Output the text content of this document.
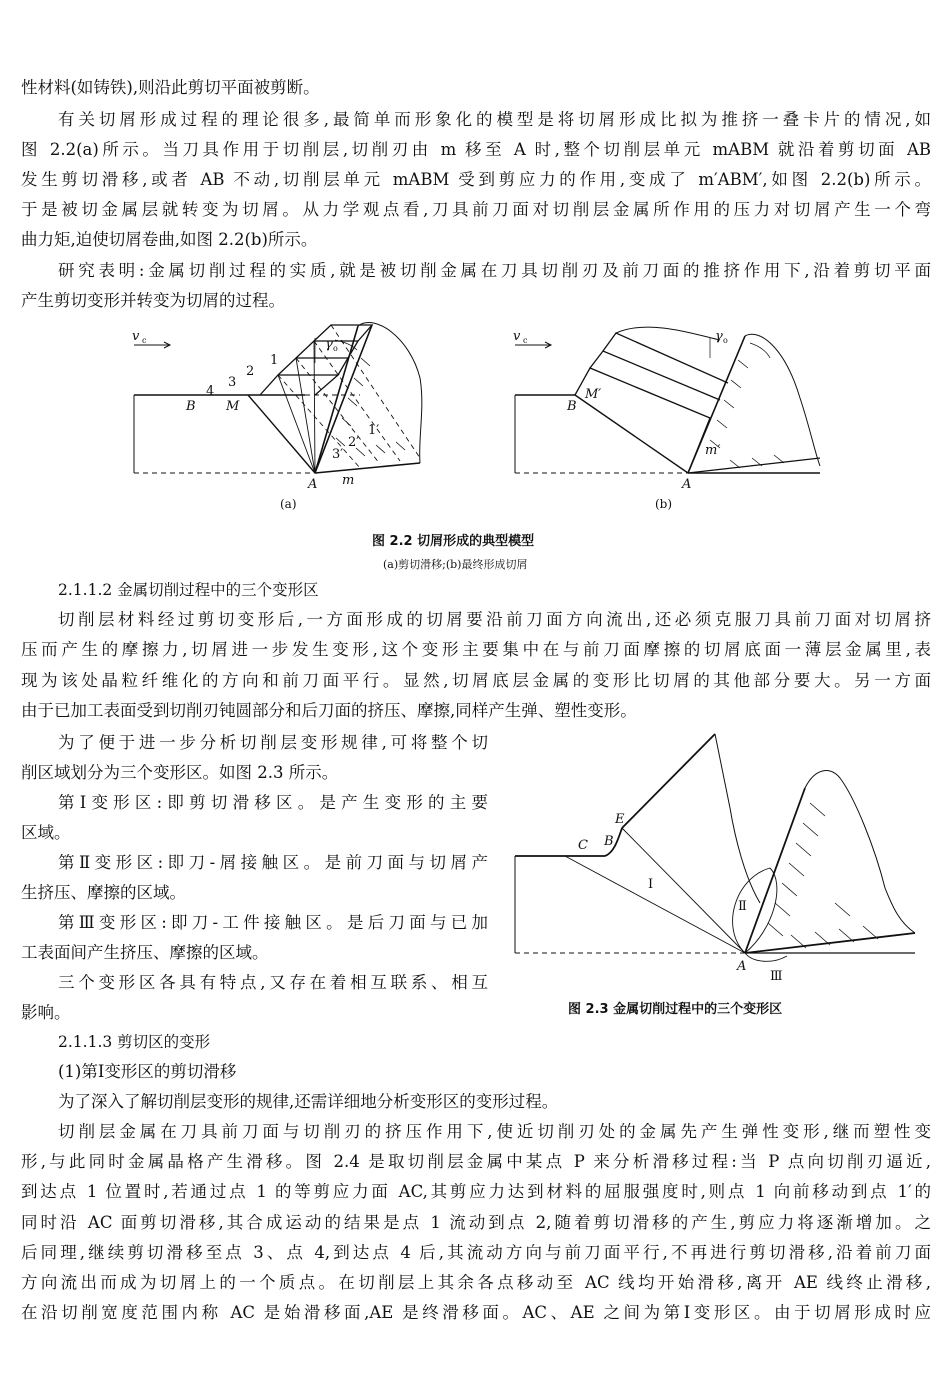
性材料(如铸铁),则沿此剪切平面被剪断。
有关切屑形成过程的理论很多,最简单而形象化的模型是将切屑形成比拟为推挤一叠卡片的情况,如
图 2.2(a)所示。当刀具作用于切削层,切削刃由 m 移至 A 时,整个切削层单元 mABM 就沿着剪切面 AB
发生剪切滑移,或者 AB 不动,切削层单元 mABM 受到剪应力的作用,变成了 m′ABM′,如图 2.2(b)所示。
于是被切金属层就转变为切屑。从力学观点看,刀具前刀面对切削层金属所作用的压力对切屑产生一个弯
曲力矩,迫使切屑卷曲,如图 2.2(b)所示。
研究表明:金属切削过程的实质,就是被切削金属在刀具切削刃及前刀面的推挤作用下,沿着剪切平面
产生剪切变形并转变为切屑的过程。
v c	γ o
B M
A m
1
2
3
4
1′
2′
3′
v c	γ o
B
M′
m′
A
(a)	(b)
图 2.2 切屑形成的典型模型
(a)剪切滑移;(b)最终形成切屑
2.1.1.2 金属切削过程中的三个变形区
切削层材料经过剪切变形后,一方面形成的切屑要沿前刀面方向流出,还必须克服刀具前刀面对切屑挤
压而产生的摩擦力,切屑进一步发生变形,这个变形主要集中在与前刀面摩擦的切屑底面一薄层金属里,表
现为该处晶粒纤维化的方向和前刀面平行。显然,切屑底层金属的变形比切屑的其他部分要大。另一方面
由于已加工表面受到切削刃钝圆部分和后刀面的挤压、摩擦,同样产生弹、塑性变形。
为了便于进一步分析切削层变形规律,可将整个切
削区域划分为三个变形区。如图 2.3 所示。
第Ⅰ变形区:即剪切滑移区。是产生变形的主要
区域。
第Ⅱ变形区:即刀-屑接触区。是前刀面与切屑产
生挤压、摩擦的区域。
第Ⅲ变形区:即刀-工件接触区。是后刀面与已加
工表面间产生挤压、摩擦的区域。
三个变形区各具有特点,又存在着相互联系、相互
影响。
C B
E
A
Ⅰ
Ⅱ
Ⅲ
图 2.3 金属切削过程中的三个变形区
2.1.1.3 剪切区的变形
(1)第Ⅰ变形区的剪切滑移
为了深入了解切削层变形的规律,还需详细地分析变形区的变形过程。
切削层金属在刀具前刀面与切削刃的挤压作用下,使近切削刃处的金属先产生弹性变形,继而塑性变
形,与此同时金属晶格产生滑移。图 2.4 是取切削层金属中某点 P 来分析滑移过程:当 P 点向切削刃逼近,
到达点 1 位置时,若通过点 1 的等剪应力面 AC,其剪应力达到材料的屈服强度时,则点 1 向前移动到点 1′的
同时沿 AC 面剪切滑移,其合成运动的结果是点 1 流动到点 2,随着剪切滑移的产生,剪应力将逐渐增加。之
后同理,继续剪切滑移至点 3、点 4,到达点 4 后,其流动方向与前刀面平行,不再进行剪切滑移,沿着前刀面
方向流出而成为切屑上的一个质点。在切削层上其余各点移动至 AC 线均开始滑移,离开 AE 线终止滑移,
在沿切削宽度范围内称 AC 是始滑移面,AE 是终滑移面。AC、AE 之间为第Ⅰ变形区。由于切屑形成时应
